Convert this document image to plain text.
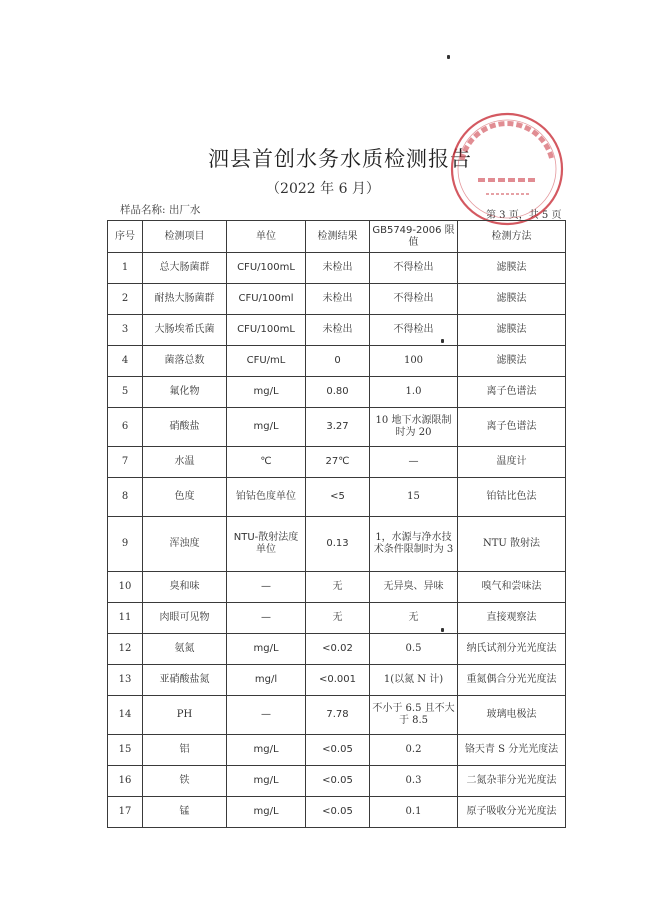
泗县首创水务水质检测报告
（2022 年 6 月）
样品名称: 出厂水	第 3 页，共 5 页
序号	检测项目	单位	检测结果	GB5749-2006 限值	检测方法
1	总大肠菌群	CFU/100mL	未检出	不得检出	滤膜法
2	耐热大肠菌群	CFU/100ml	未检出	不得检出	滤膜法
3	大肠埃希氏菌	CFU/100mL	未检出	不得检出	滤膜法
4	菌落总数	CFU/mL	0	100	滤膜法
5	氟化物	mg/L	0.80	1.0	离子色谱法
6	硝酸盐	mg/L	3.27	10 地下水源限制时为 20	离子色谱法
7	水温	℃	27℃	—	温度计
8	色度	铂钴色度单位	<5	15	铂钴比色法
9	浑浊度	NTU-散射法度单位	0.13	1，水源与净水技术条件限制时为 3	NTU 散射法
10	臭和味	—	无	无异臭、异味	嗅气和尝味法
11	肉眼可见物	—	无	无	直接观察法
12	氨氮	mg/L	<0.02	0.5	纳氏试剂分光光度法
13	亚硝酸盐氮	mg/l	<0.001	1(以氮 N 计)	重氮偶合分光光度法
14	PH	—	7.78	不小于 6.5 且不大于 8.5	玻璃电极法
15	铝	mg/L	<0.05	0.2	铬天青 S 分光光度法
16	铁	mg/L	<0.05	0.3	二氮杂菲分光光度法
17	锰	mg/L	<0.05	0.1	原子吸收分光光度法
